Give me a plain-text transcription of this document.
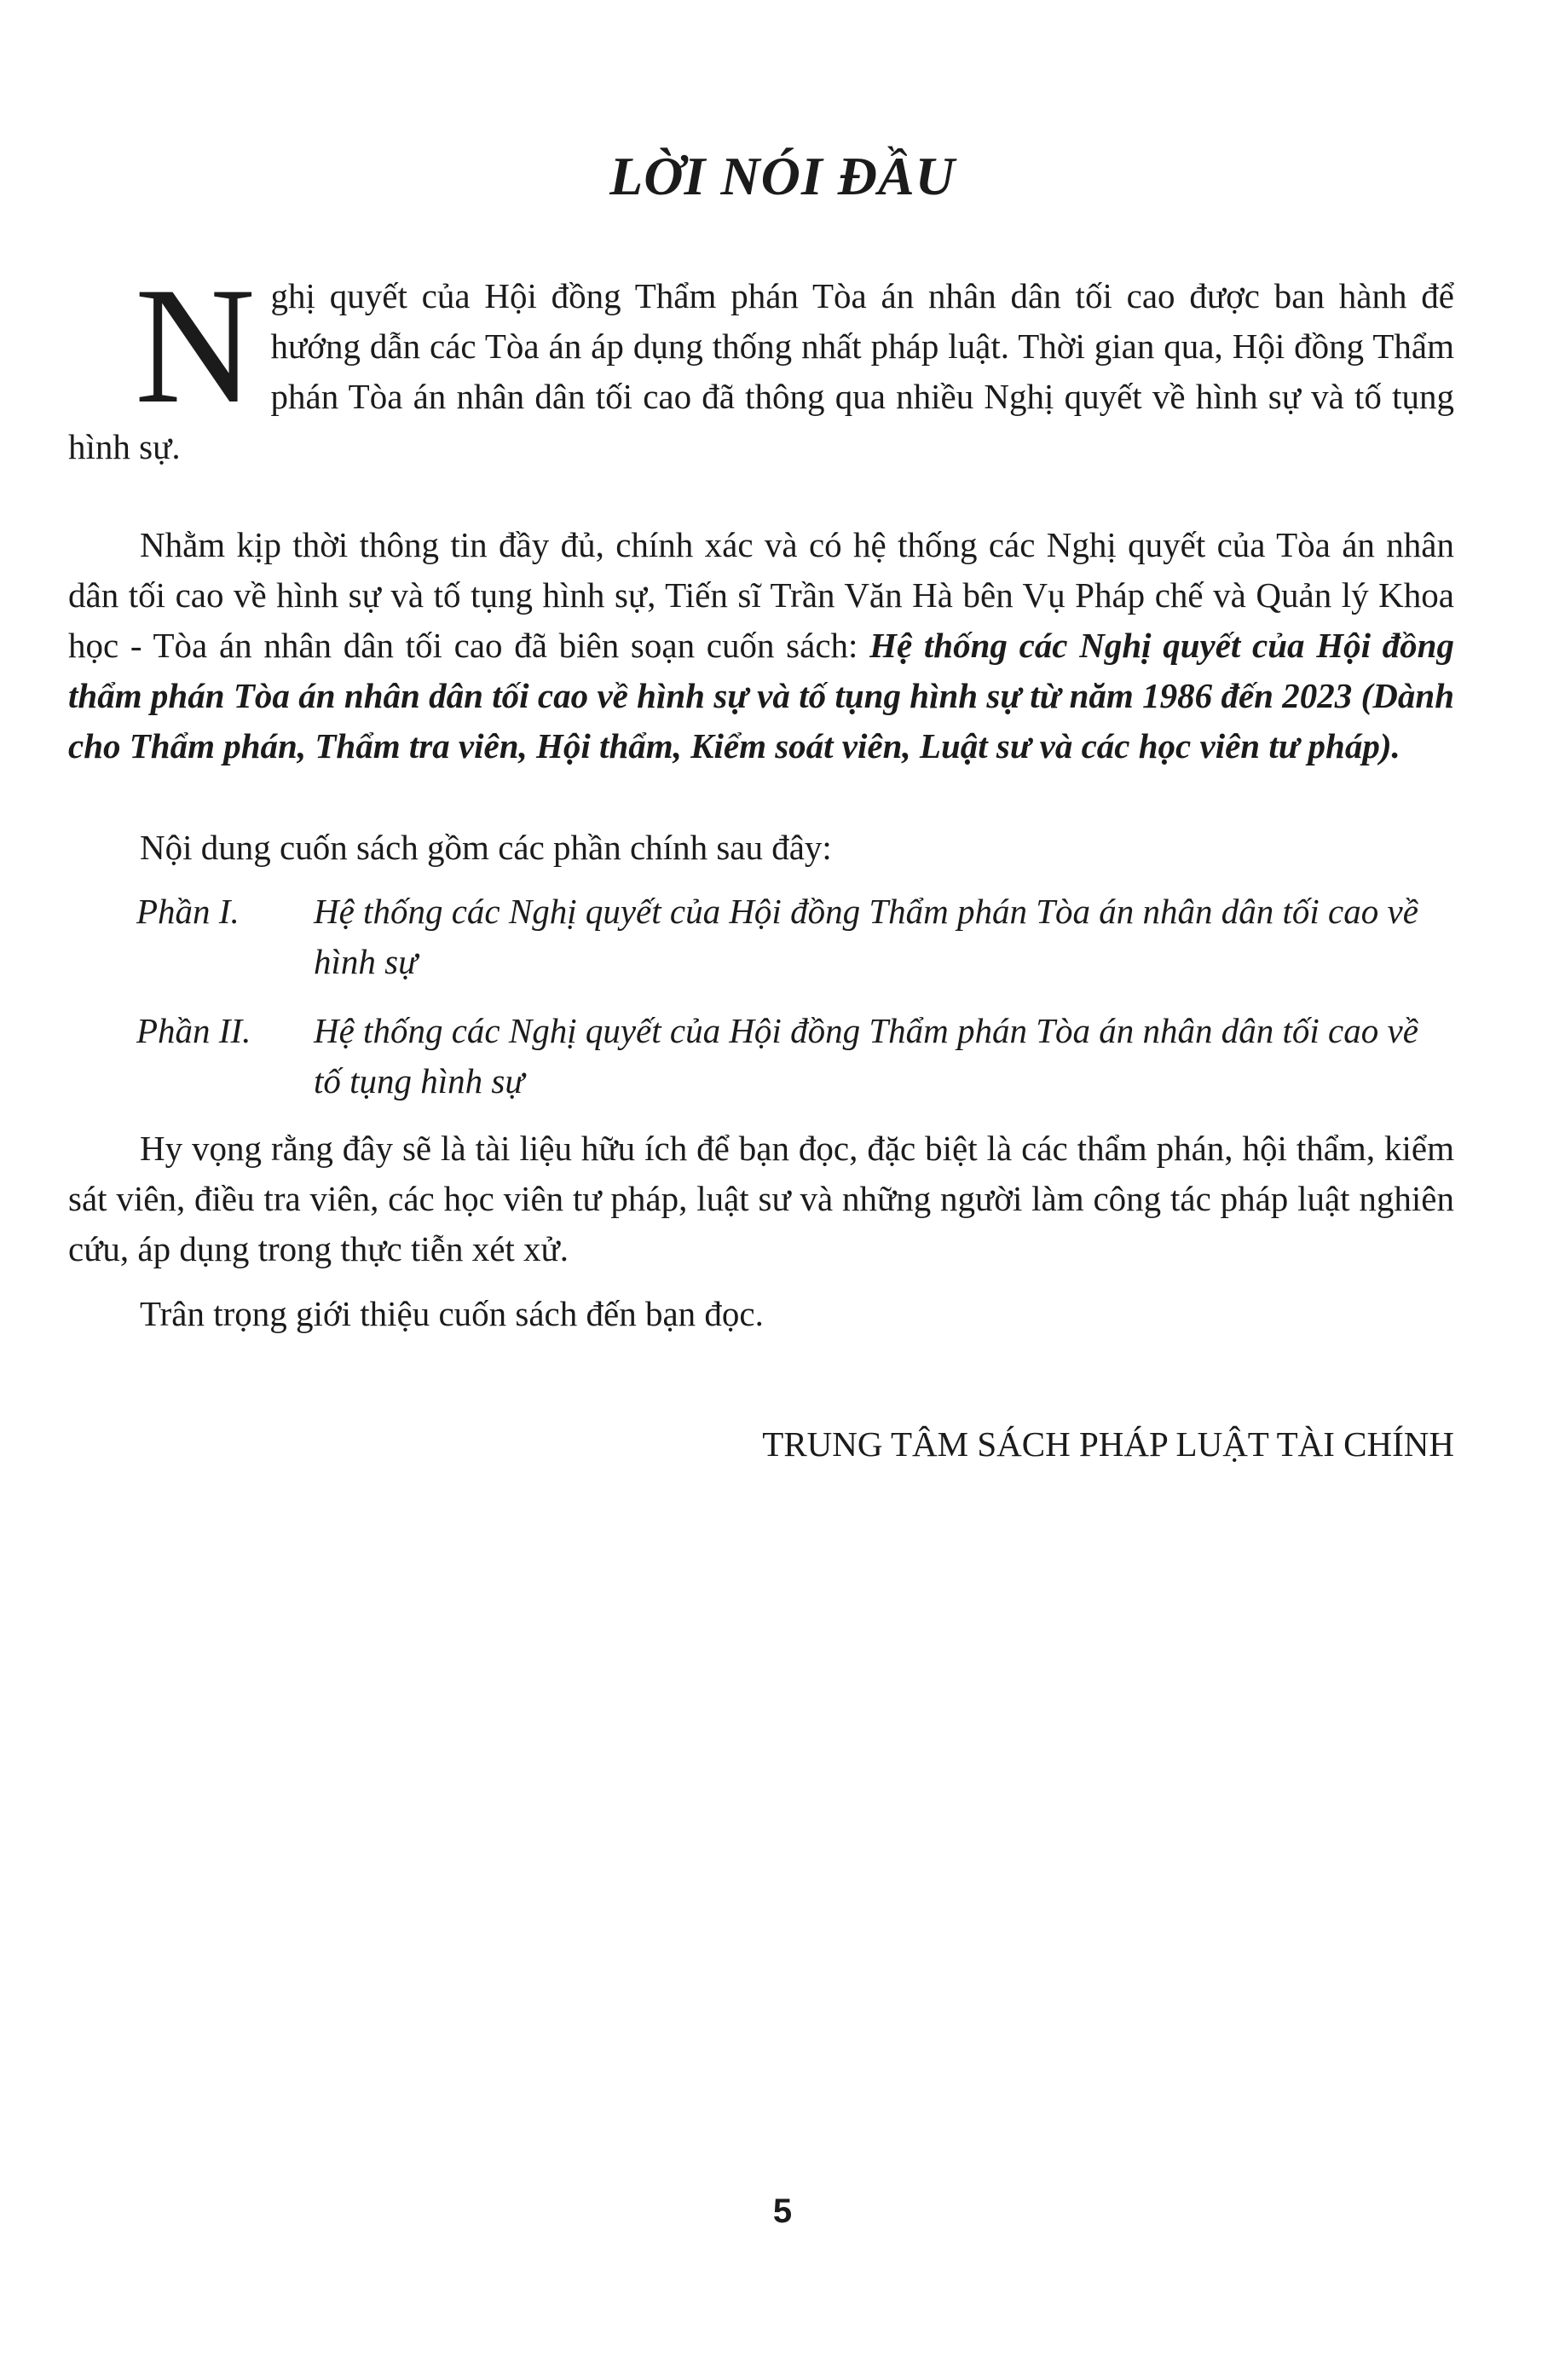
LỜI NÓI ĐẦU
N ghị quyết của Hội đồng Thẩm phán Tòa án nhân dân tối cao được ban hành để hướng dẫn các Tòa án áp dụng thống nhất pháp luật. Thời gian qua, Hội đồng Thẩm phán Tòa án nhân dân tối cao đã thông qua nhiều Nghị quyết về hình sự và tố tụng hình sự.

Nhằm kịp thời thông tin đầy đủ, chính xác và có hệ thống các Nghị quyết của Tòa án nhân dân tối cao về hình sự và tố tụng hình sự, Tiến sĩ Trần Văn Hà bên Vụ Pháp chế và Quản lý Khoa học - Tòa án nhân dân tối cao đã biên soạn cuốn sách: Hệ thống các Nghị quyết của Hội đồng thẩm phán Tòa án nhân dân tối cao về hình sự và tố tụng hình sự từ năm 1986 đến 2023 (Dành cho Thẩm phán, Thẩm tra viên, Hội thẩm, Kiểm soát viên, Luật sư và các học viên tư pháp).

Nội dung cuốn sách gồm các phần chính sau đây:

Phần I.	Hệ thống các Nghị quyết của Hội đồng Thẩm phán Tòa án nhân dân tối cao về hình sự
Phần II.	Hệ thống các Nghị quyết của Hội đồng Thẩm phán Tòa án nhân dân tối cao về tố tụng hình sự

Hy vọng rằng đây sẽ là tài liệu hữu ích để bạn đọc, đặc biệt là các thẩm phán, hội thẩm, kiểm sát viên, điều tra viên, các học viên tư pháp, luật sư và những người làm công tác pháp luật nghiên cứu, áp dụng trong thực tiễn xét xử.

Trân trọng giới thiệu cuốn sách đến bạn đọc.

TRUNG TÂM SÁCH PHÁP LUẬT TÀI CHÍNH
5
